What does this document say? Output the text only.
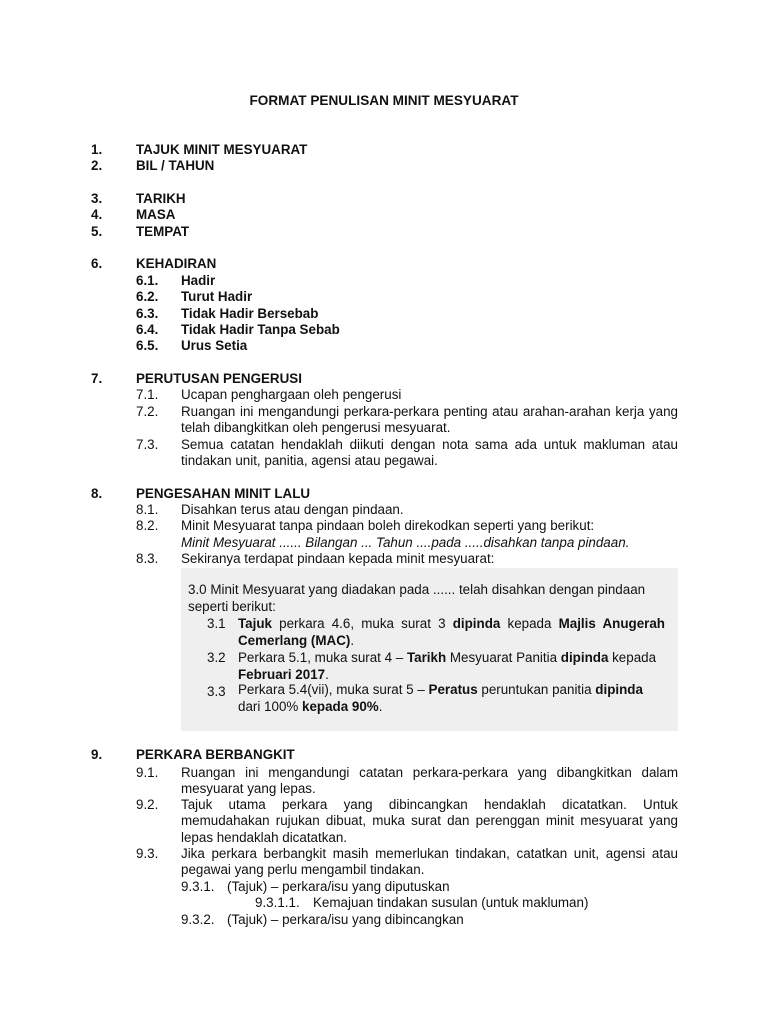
FORMAT PENULISAN MINIT MESYUARAT
1.	TAJUK MINIT MESYUARAT
2.	BIL / TAHUN
3.	TARIKH
4.	MASA
5.	TEMPAT
6.	KEHADIRAN
6.1. Hadir
6.2. Turut Hadir
6.3. Tidak Hadir Bersebab
6.4. Tidak Hadir Tanpa Sebab
6.5. Urus Setia
7.	PERUTUSAN PENGERUSI
7.1. Ucapan penghargaan oleh pengerusi
7.2. Ruangan ini mengandungi perkara-perkara penting atau arahan-arahan kerja yang telah dibangkitkan oleh pengerusi mesyuarat.
7.3. Semua catatan hendaklah diikuti dengan nota sama ada untuk makluman atau tindakan unit, panitia, agensi atau pegawai.
8.	PENGESAHAN MINIT LALU
8.1. Disahkan terus atau dengan pindaan.
8.2. Minit Mesyuarat tanpa pindaan boleh direkodkan seperti yang berikut:
Minit Mesyuarat ...... Bilangan ... Tahun ....pada .....disahkan tanpa pindaan.
8.3. Sekiranya terdapat pindaan kepada minit mesyuarat:
3.0 Minit Mesyuarat yang diadakan pada ...... telah disahkan dengan pindaan seperti berikut:
3.1 Tajuk perkara 4.6, muka surat 3 dipinda kepada Majlis Anugerah Cemerlang (MAC).
3.2 Perkara 5.1, muka surat 4 – Tarikh Mesyuarat Panitia dipinda kepada Februari 2017.
3.3 Perkara 5.4(vii), muka surat 5 – Peratus peruntukan panitia dipinda dari 100% kepada 90%.
9.	PERKARA BERBANGKIT
9.1. Ruangan ini mengandungi catatan perkara-perkara yang dibangkitkan dalam mesyuarat yang lepas.
9.2. Tajuk utama perkara yang dibincangkan hendaklah dicatatkan. Untuk memudahakan rujukan dibuat, muka surat dan perenggan minit mesyuarat yang lepas hendaklah dicatatkan.
9.3. Jika perkara berbangkit masih memerlukan tindakan, catatkan unit, agensi atau pegawai yang perlu mengambil tindakan.
9.3.1. (Tajuk) – perkara/isu yang diputuskan
9.3.1.1. Kemajuan tindakan susulan (untuk makluman)
9.3.2. (Tajuk) – perkara/isu yang dibincangkan
